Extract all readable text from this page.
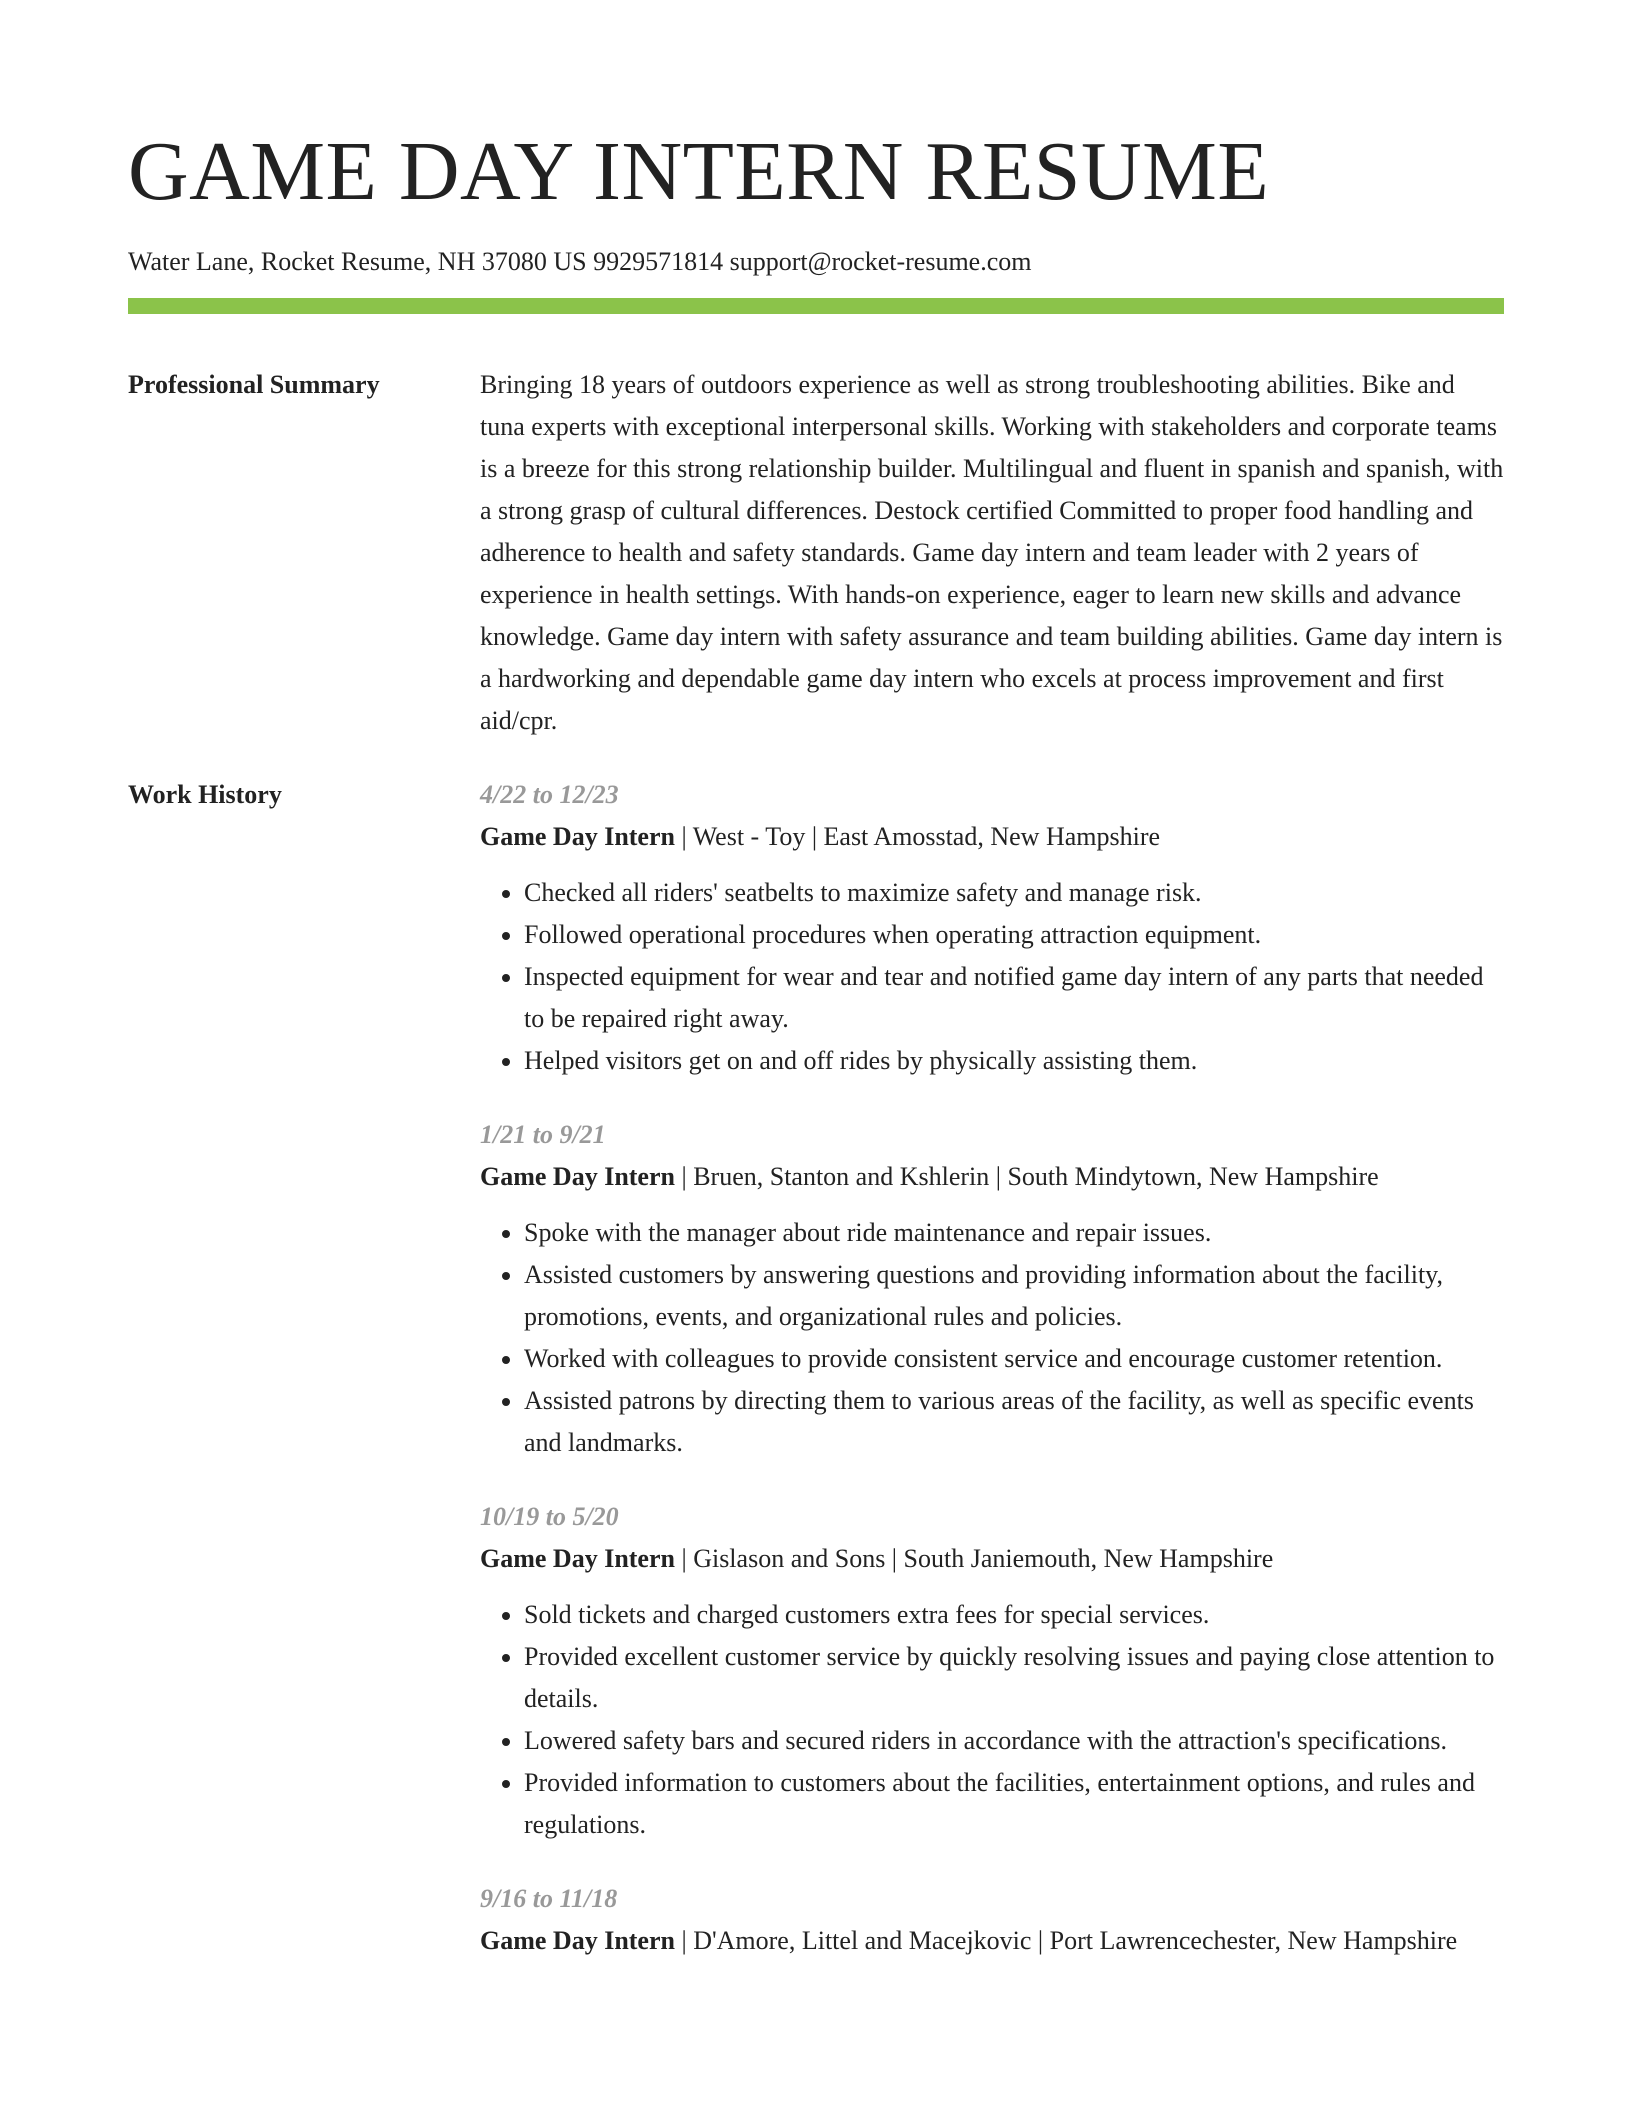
GAME DAY INTERN RESUME
Water Lane, Rocket Resume, NH 37080 US 9929571814 support@rocket-resume.com
Professional Summary	Bringing 18 years of outdoors experience as well as strong troubleshooting abilities. Bike and tuna experts with exceptional interpersonal skills. Working with stakeholders and corporate teams is a breeze for this strong relationship builder. Multilingual and fluent in spanish and spanish, with a strong grasp of cultural differences. Destock certified Committed to proper food handling and adherence to health and safety standards. Game day intern and team leader with 2 years of experience in health settings. With hands-on experience, eager to learn new skills and advance knowledge. Game day intern with safety assurance and team building abilities. Game day intern is a hardworking and dependable game day intern who excels at process improvement and first aid/cpr.

Work History	4/22 to 12/23
Game Day Intern | West - Toy | East Amosstad, New Hampshire
• Checked all riders' seatbelts to maximize safety and manage risk.
• Followed operational procedures when operating attraction equipment.
• Inspected equipment for wear and tear and notified game day intern of any parts that needed to be repaired right away.
• Helped visitors get on and off rides by physically assisting them.
1/21 to 9/21
Game Day Intern | Bruen, Stanton and Kshlerin | South Mindytown, New Hampshire
• Spoke with the manager about ride maintenance and repair issues.
• Assisted customers by answering questions and providing information about the facility, promotions, events, and organizational rules and policies.
• Worked with colleagues to provide consistent service and encourage customer retention.
• Assisted patrons by directing them to various areas of the facility, as well as specific events and landmarks.
10/19 to 5/20
Game Day Intern | Gislason and Sons | South Janiemouth, New Hampshire
• Sold tickets and charged customers extra fees for special services.
• Provided excellent customer service by quickly resolving issues and paying close attention to details.
• Lowered safety bars and secured riders in accordance with the attraction's specifications.
• Provided information to customers about the facilities, entertainment options, and rules and regulations.
9/16 to 11/18
Game Day Intern | D'Amore, Littel and Macejkovic | Port Lawrencechester, New Hampshire
